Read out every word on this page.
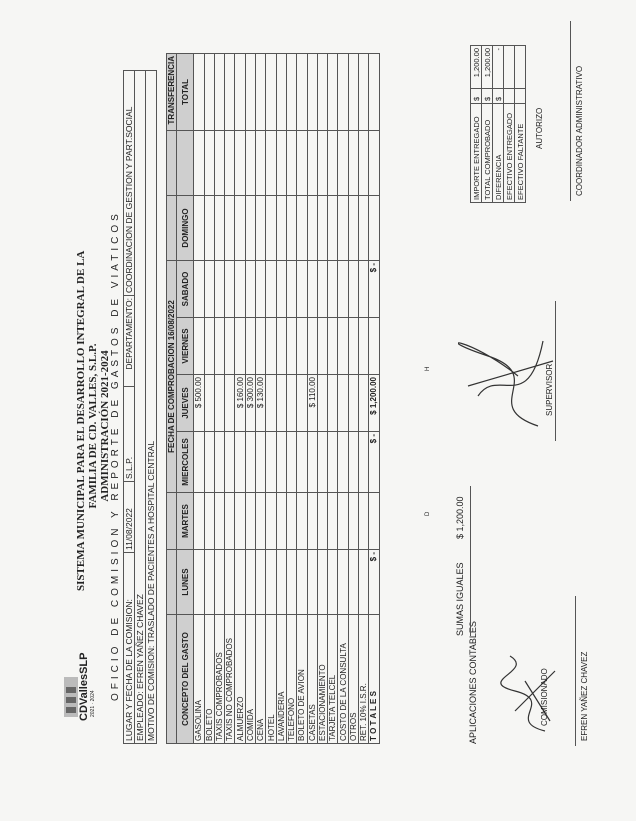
CDVallesSLP 2021 · 2024
SISTEMA MUNICIPAL PARA EL DESARROLLO INTEGRAL DE LA FAMILIA DE CD. VALLES, S.L.P. ADMINISTRACIÓN 2021-2024 OFICIO DE COMISION Y REPORTE DE GASTOS DE VIATICOS LUGAR Y FECHA DE LA COMISION:	11/08/2022	S.L.P.	DEPARTAMENTO:	COORDINACION DE GESTION Y PART.SOCIAL
EMPLEADO: EFREN YAÑEZ CHAVEZ
MOTIVO DE COMISION: TRASLADO DE PACIENTES A HOSPITAL CENTRAL
			FECHA DE COMPROBACION 16/08/2022						TRANSFERENCIA
CONCEPTO DEL GASTO	LUNES	MARTES	MIERCOLES	JUEVES	VIERNES	SABADO	DOMINGO		TOTAL
GASOLINA				$ 500.00					
BOLETO									
TAXIS COMPROBADOS									
TAXIS NO COMPROBADOS									
ALMUERZO				$ 160.00					
COMIDA				$ 300.00					
CENA				$ 130.00					
HOTEL									
LAVANDERIA									
TELEFONO									
BOLETO DE AVION									
CASETAS				$ 110.00					
ESTACIONAMIENTO									
TARJETA TELCEL									
COSTO DE LA CONSULTA									
OTROS									
RET. 10% I.S.R.									
T O T A L E S	$ -		$ -	$ 1,200.00		$ -			
APLICACIONES CONTABLES
D
H
SUMAS IGUALES
$ 1,200.00
IMPORTE ENTREGADO	$	1,200.00
TOTAL COMPROBADO	$	1,200.00
DIFERENCIA	$	-
EFECTIVO ENTREGADO		
EFECTIVO FALTANTE		
COMISIONADO	EFREN YAÑEZ CHAVEZ
SUPERVISOR
AUTORIZO	COORDINADOR ADMINISTRATIVO
